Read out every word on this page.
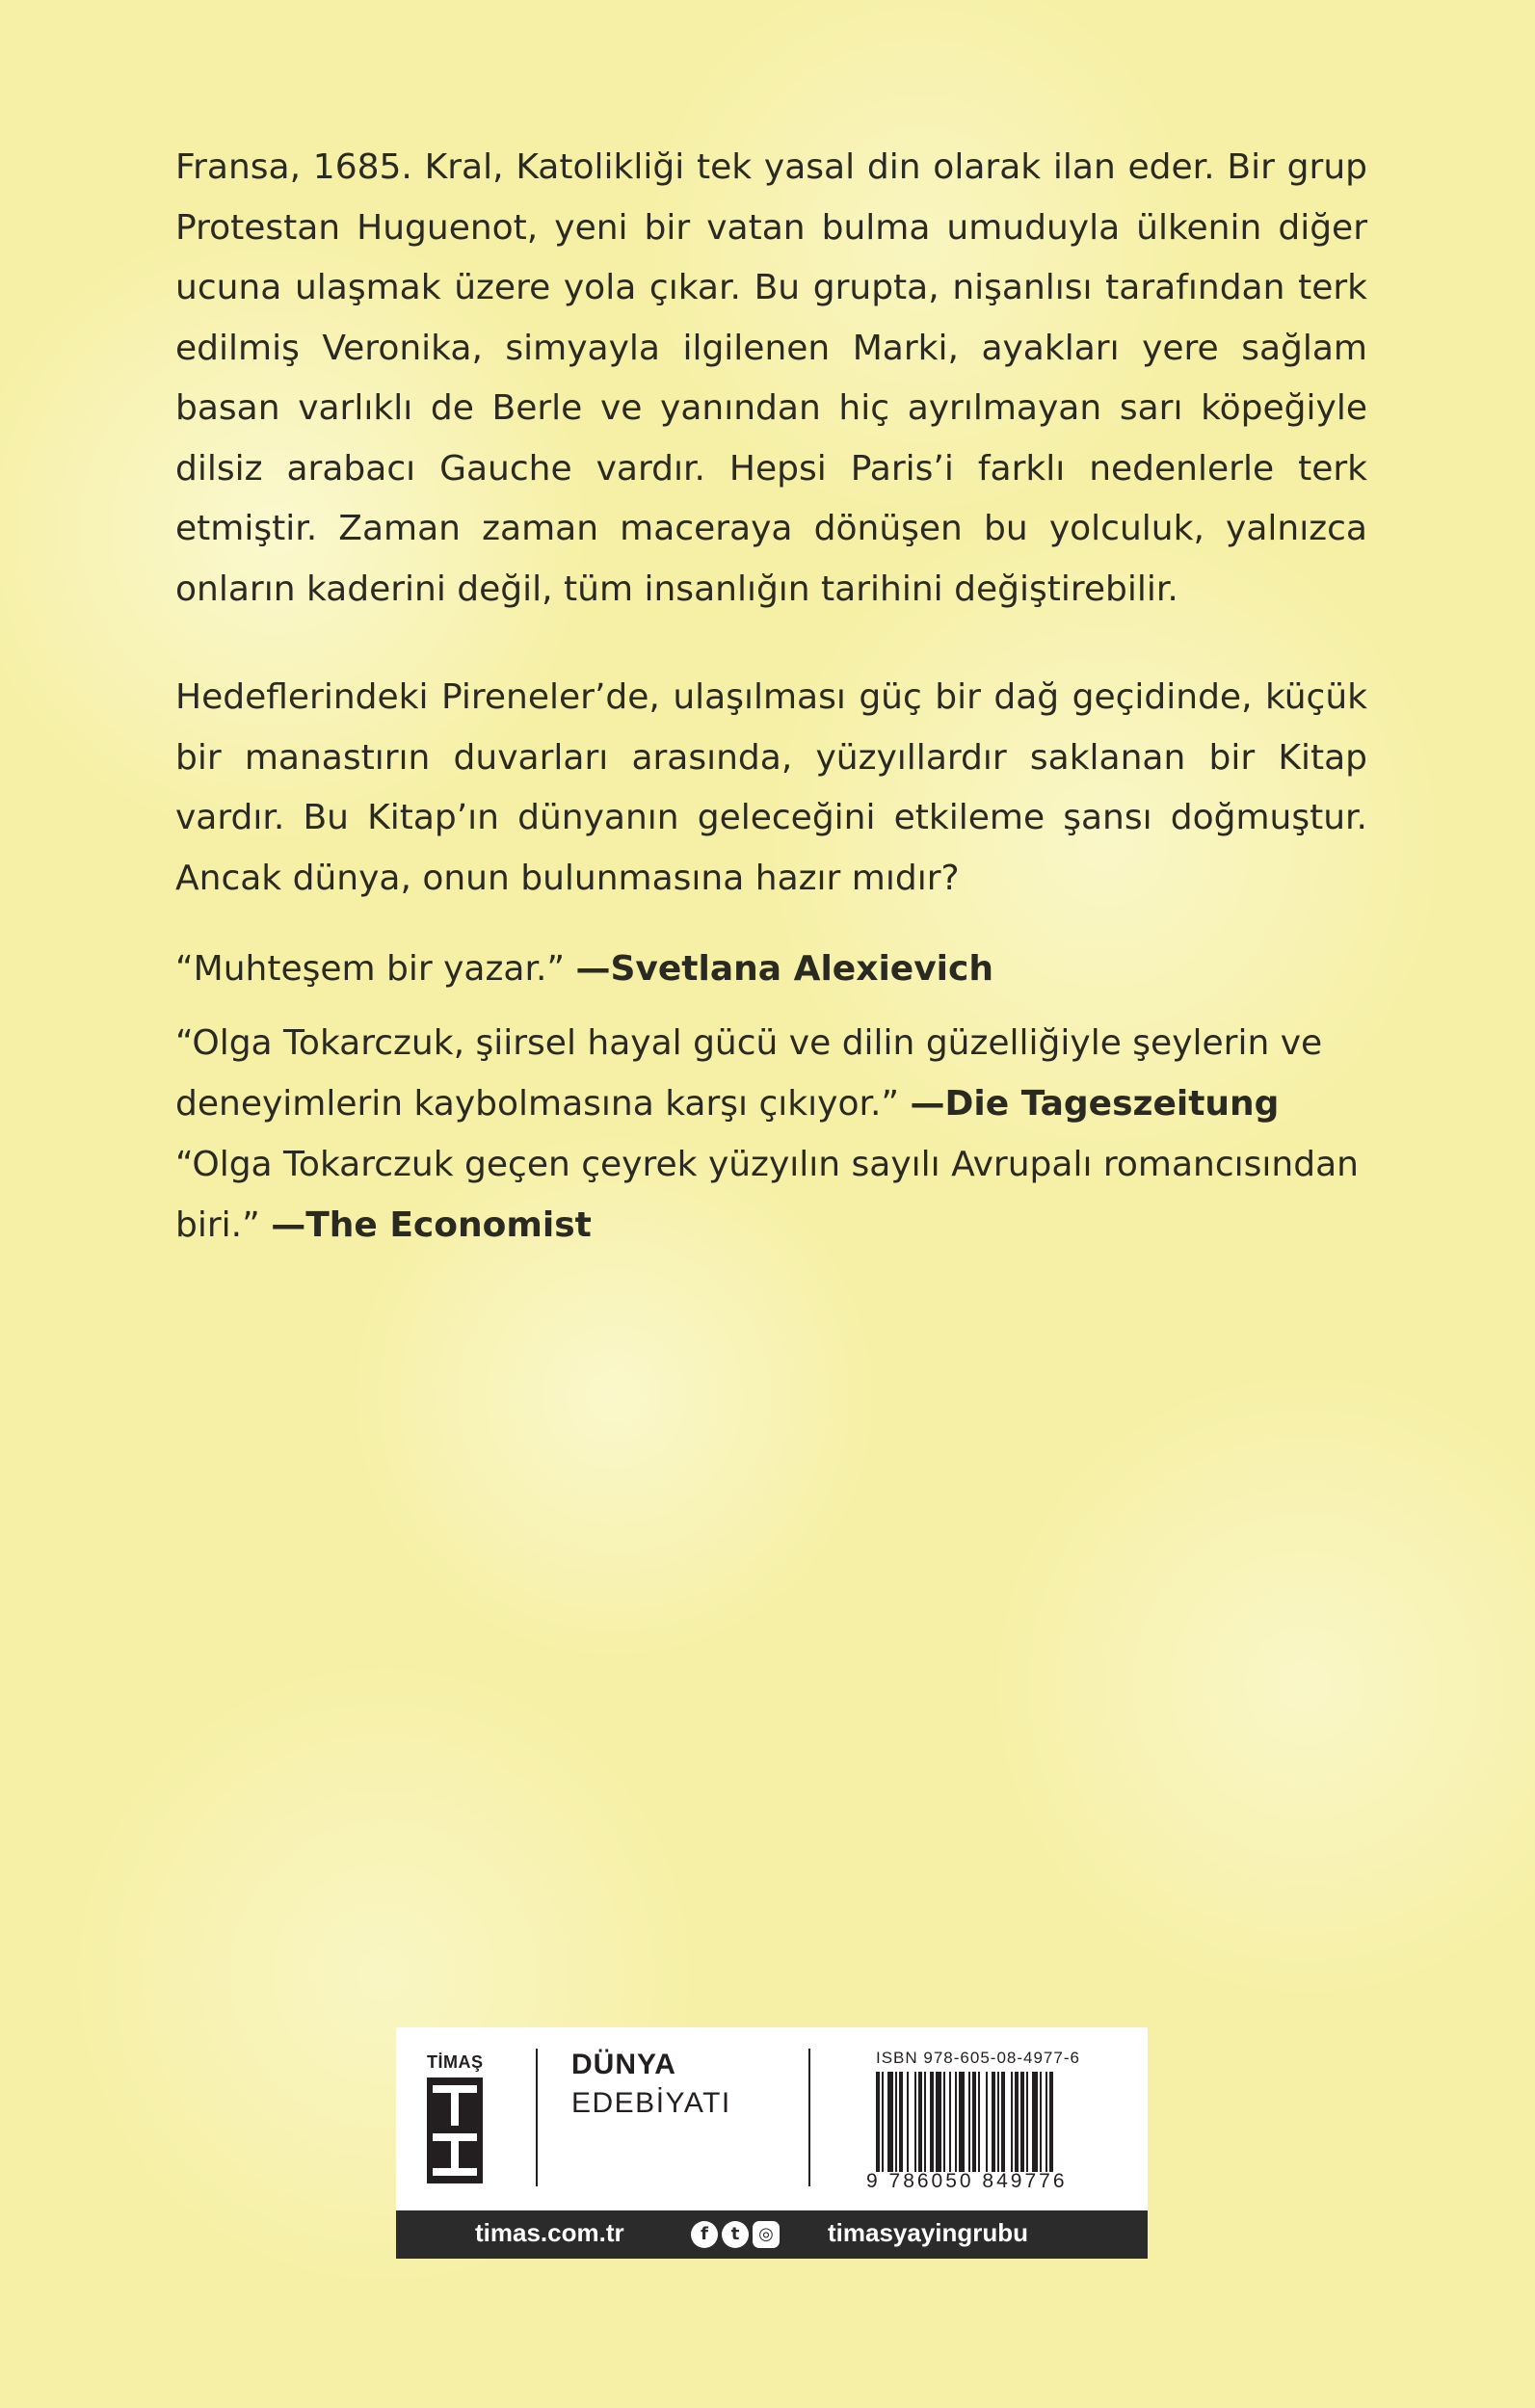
Fransa, 1685. Kral, Katolikliği tek yasal din olarak ilan eder. Bir grup Protestan Huguenot, yeni bir vatan bulma umuduyla ülkenin diğer ucuna ulaşmak üzere yola çıkar. Bu grupta, nişanlısı tarafından terk edilmiş Veronika, simyayla ilgilenen Marki, ayakları yere sağlam basan varlıklı de Berle ve yanından hiç ayrılmayan sarı köpeğiyle dilsiz arabacı Gauche vardır. Hepsi Paris’i farklı nedenlerle terk etmiştir. Zaman zaman maceraya dönüşen bu yolculuk, yalnızca onların kaderini değil, tüm insanlığın tarihini değiştirebilir.

Hedeflerindeki Pireneler’de, ulaşılması güç bir dağ geçidinde, küçük bir manastırın duvarları arasında, yüzyıllardır saklanan bir Kitap vardır. Bu Kitap’ın dünyanın geleceğini etkileme şansı doğmuştur. Ancak dünya, onun bulunmasına hazır mıdır?

“Muhteşem bir yazar.” —Svetlana Alexievich

“Olga Tokarczuk, şiirsel hayal gücü ve dilin güzelliğiyle şeylerin ve deneyimlerin kaybolmasına karşı çıkıyor.” —Die Tageszeitung

“Olga Tokarczuk geçen çeyrek yüzyılın sayılı Avrupalı romancısından biri.” —The Economist

TİMAŞ	DÜNYA
EDEBİYATI
ISBN 978-605-08-4977-6
9 786050 849776
timas.com.tr	f	t	◎ timasyayingrubu
